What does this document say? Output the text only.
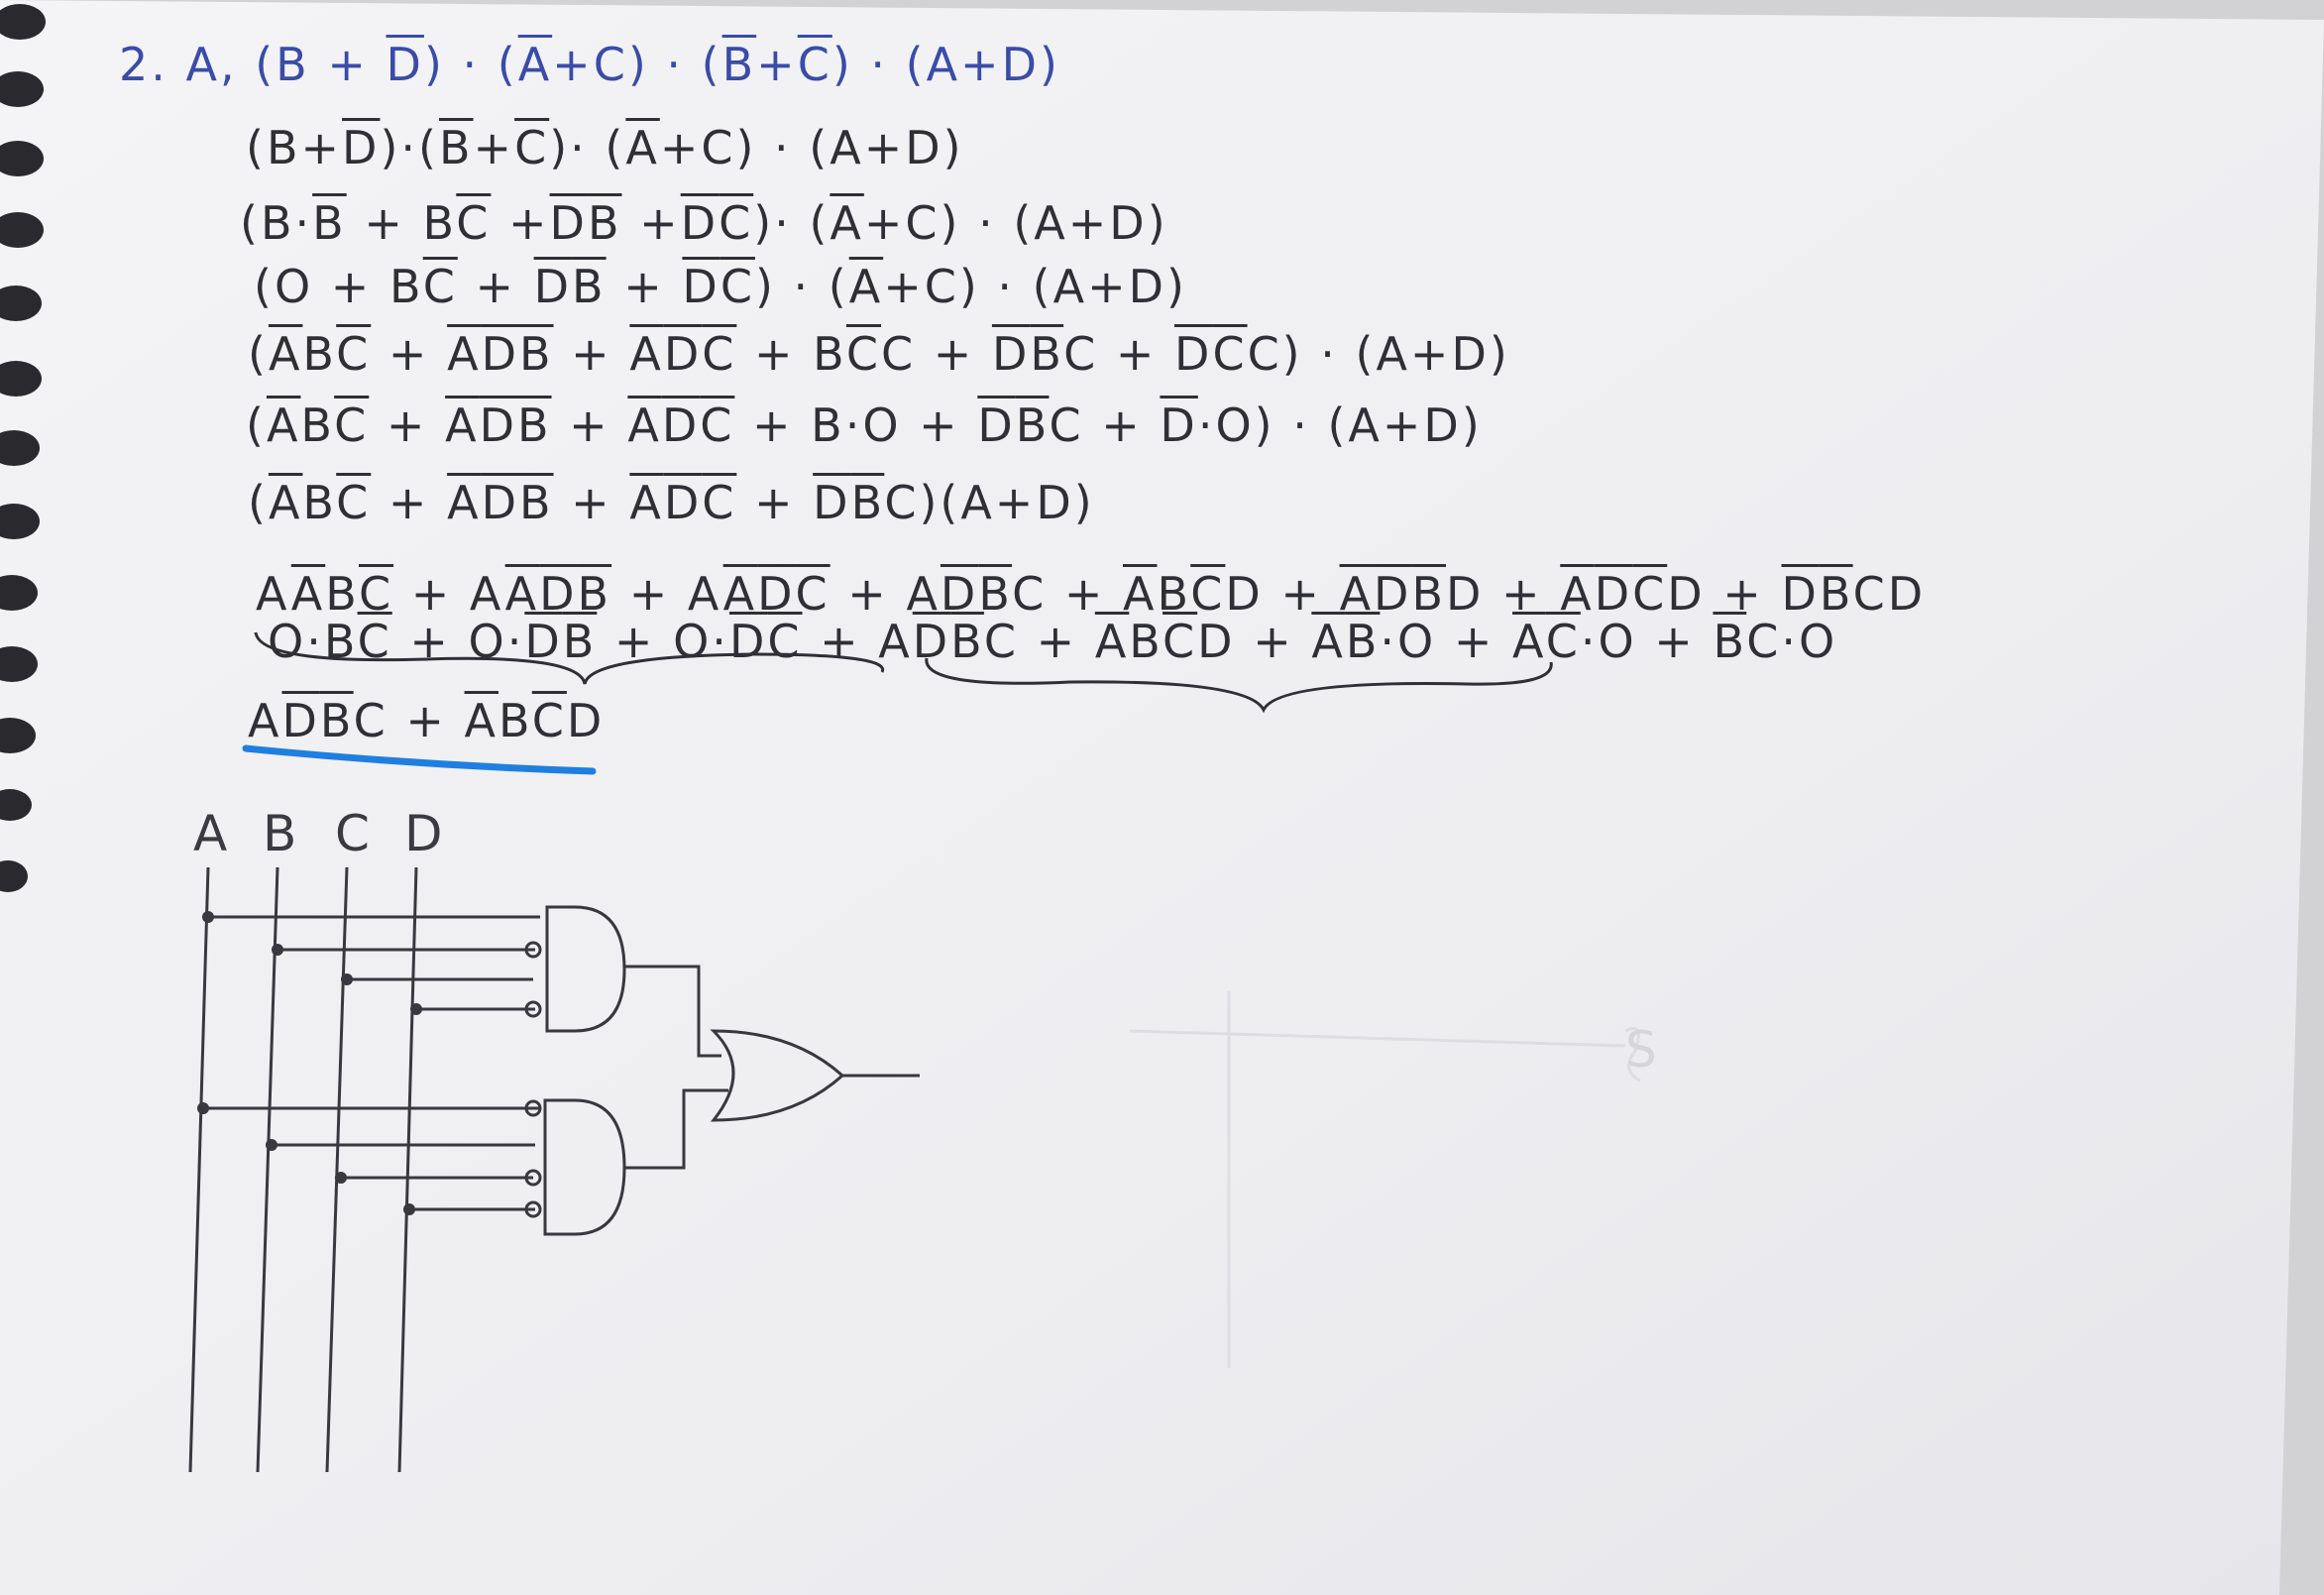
2. A, $(B + \overline{D}) \cdot (\overline{A}+C) \cdot (\overline{B}+\overline{C}) \cdot (A+D)$
$(B+\overline{D})\cdot(\overline{B}+\overline{C})\cdot (\overline{A}+C) \cdot (A+D)$
$(B\cdot\overline{B} + B\overline{C} +\overline{D}\overline{B} +\overline{D}\overline{C})\cdot (\overline{A}+C) \cdot (A+D)$
$(O + B\overline{C} + \overline{D}\overline{B} + \overline{D}\overline{C}) \cdot (\overline{A}+C) \cdot (A+D)$
$(\overline{A}B\overline{C} + \overline{A}\overline{D}\overline{B} + \overline{A}\overline{D}\overline{C} + B\overline{C}C + \overline{D}\overline{B}C + \overline{D}\overline{C}C) \cdot (A+D)$
$(\overline{A}B\overline{C} + \overline{A}\overline{D}\overline{B} + \overline{A}\overline{D}\overline{C} + B\cdot O + \overline{D}\overline{B}C + \overline{D}\cdot O) \cdot (A+D)$
$(\overline{A}B\overline{C} + \overline{A}\overline{D}\overline{B} + \overline{A}\overline{D}\overline{C} + \overline{D}\overline{B}C)(A+D)$
$A\overline{A}B\overline{C} + A\overline{A}\overline{D}\overline{B} + A\overline{A}\overline{D}\overline{C} + A\overline{D}\overline{B}C + \overline{A}B\overline{C}D + \overline{A}\overline{D}\overline{B}D + \overline{A}\overline{D}\overline{C}D + \overline{D}\overline{B}CD$
$O\cdot B\overline{C} + O\cdot\overline{D}\overline{B} + O\cdot\overline{D}\overline{C} + A\overline{D}\overline{B}C + \overline{A}B\overline{C}D + \overline{A}\overline{B}\cdot O + \overline{A}\overline{C}\cdot O + \overline{B}C\cdot O$
$A\overline{D}\overline{B}C + \overline{A}B\overline{C}D$
A B C D
S
